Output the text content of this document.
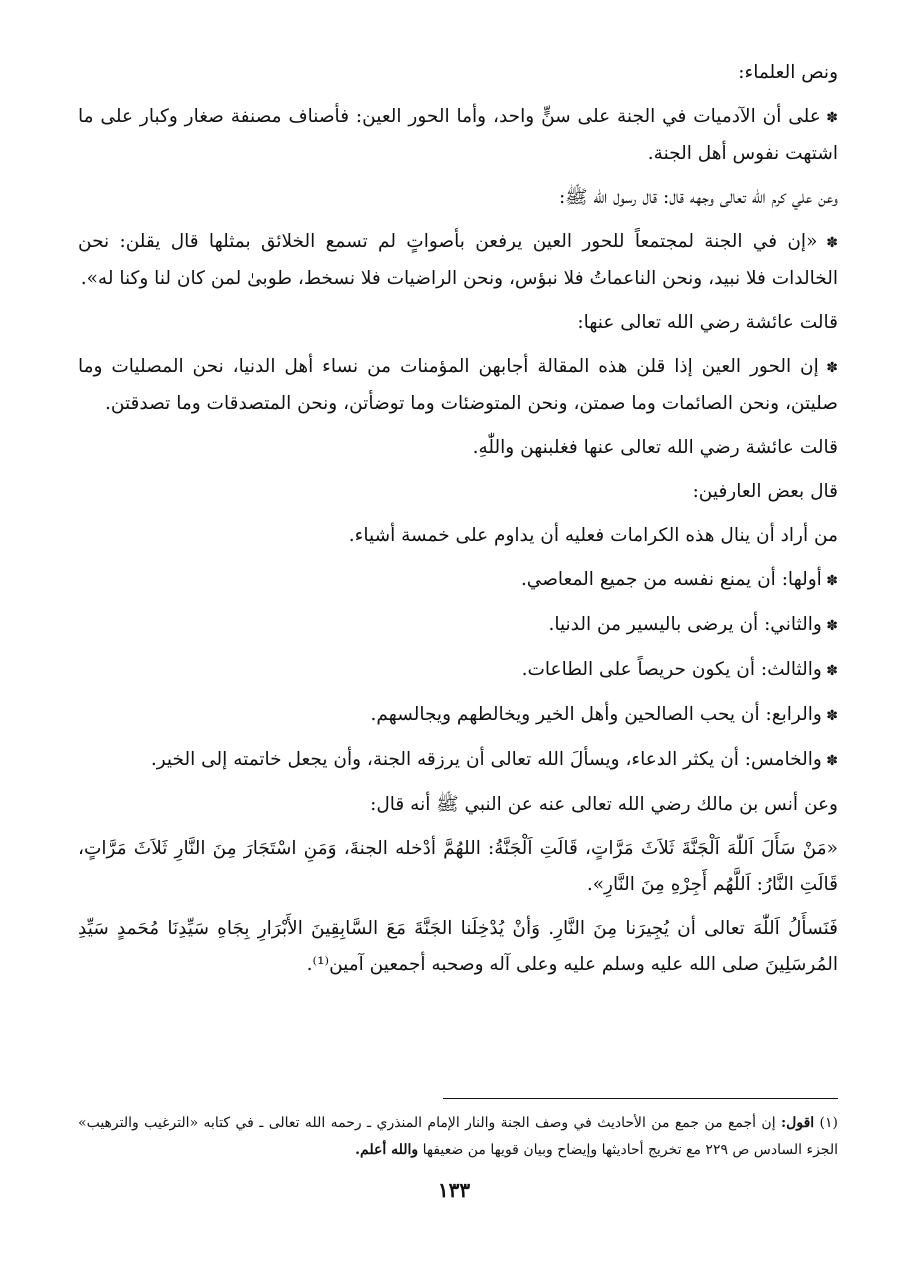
ونص العلماء:

✽ على أن الآدميات في الجنة على سنٍّ واحد، وأما الحور العين: فأصناف مصنفة صغار وكبار على ما اشتهت نفوس أهل الجنة.

وعن علي كرم الله تعالى وجهه قال: قال رسول الله ﷺ:

✽ «إن في الجنة لمجتمعاً للحور العين يرفعن بأصواتٍ لم تسمع الخلائق بمثلها قال يقلن: نحن الخالدات فلا نبيد، ونحن الناعماتُ فلا نبؤس، ونحن الراضيات فلا نسخط، طوبىٰ لمن كان لنا وكنا له».

قالت عائشة رضي الله تعالى عنها:

✽ إن الحور العين إذا قلن هذه المقالة أجابهن المؤمنات من نساء أهل الدنيا، نحن المصليات وما صليتن، ونحن الصائمات وما صمتن، ونحن المتوضئات وما توضأتن، ونحن المتصدقات وما تصدقتن.

قالت عائشة رضي الله تعالى عنها فغلبنهن واللّٰهِ.

قال بعض العارفين:

من أراد أن ينال هذه الكرامات فعليه أن يداوم على خمسة أشياء.

✽ أولها: أن يمنع نفسه من جميع المعاصي.

✽ والثاني: أن يرضى باليسير من الدنيا.

✽ والثالث: أن يكون حريصاً على الطاعات.

✽ والرابع: أن يحب الصالحين وأهل الخير ويخالطهم ويجالسهم.

✽ والخامس: أن يكثر الدعاء، ويسألَ الله تعالى أن يرزقه الجنة، وأن يجعل خاتمته إلى الخير.

وعن أنس بن مالك رضي الله تعالى عنه عن النبي ﷺ أنه قال:

«مَنْ سَأَلَ اَللّٰهَ اَلْجَنَّةَ ثَلاَثَ مَرَّاتٍ، قَالَتِ اَلْجَنَّةُ: اللهُمَّ أدْخله الجنةَ، وَمَنِ اسْتَجَارَ مِنَ النَّارِ ثَلاَثَ مَرَّاتٍ، قَالَتِ النَّارُ: اَللَّهُم أَجِرْهِ مِنَ النَّارِ».

فَنَسأَلُ اَللّٰهَ تعالى أن يُجِيرَنا مِنَ النَّارِ. وَأنْ يُدْخِلَنا الجَنَّةَ مَعَ السَّابِقِينَ الأَبْرَارِ بِجَاهِ سَيِّدِنَا مُحَمدٍ سَيِّدِ المُرسَلِينَ صلى الله عليه وسلم عليه وعلى آله وصحبه أجمعين آمين⁽¹⁾.

(١) اقول: إن أجمع من جمع من الأحاديث في وصف الجنة والنار الإمام المنذري ـ رحمه الله تعالى ـ في كتابه «الترغيب والترهيب» الجزء السادس ص ٢٢٩ مع تخريج أحاديثها وإيضاح وبيان قويها من ضعيفها والله أعلم.
١٣٣
